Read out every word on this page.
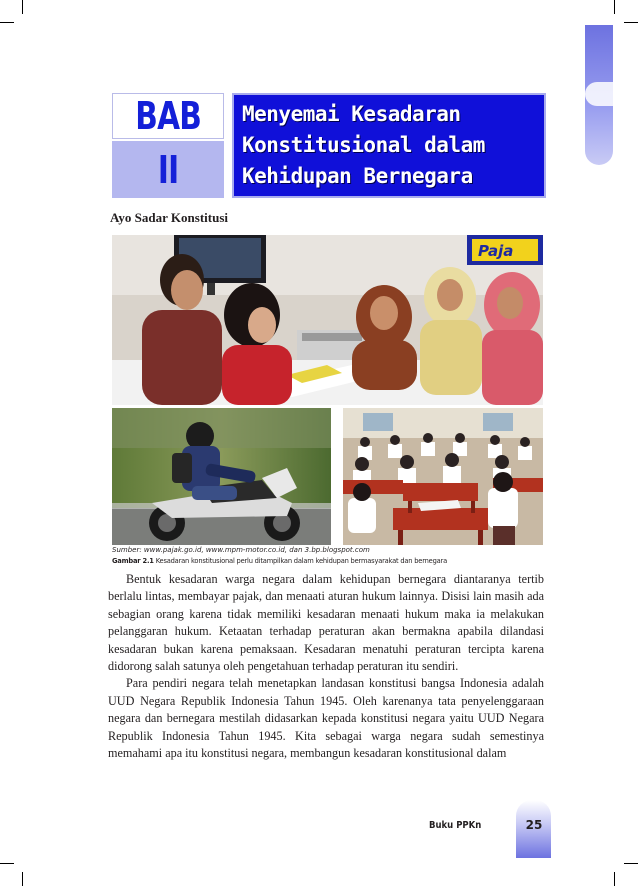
BAB
II
Menyemai Kesadaran
Konstitusional dalam
Kehidupan Bernegara
Ayo Sadar Konstitusi
Paja
Sumber: www.pajak.go.id, www.mpm-motor.co.id, dan 3.bp.blogspot.com
Gambar 2.1 Kesadaran konstitusional perlu ditampilkan dalam kehidupan bermasyarakat dan bernegara

Bentuk kesadaran warga negara dalam kehidupan bernegara diantaranya tertib berlalu lintas, membayar pajak, dan menaati aturan hukum lainnya. Disisi lain masih ada sebagian orang karena tidak memiliki kesadaran menaati hukum maka ia melakukan pelanggaran hukum. Ketaatan terhadap peraturan akan bermakna apabila dilandasi kesadaran bukan karena pemaksaan. Kesadaran menatuhi peraturan tercipta karena didorong salah satunya oleh pengetahuan terhadap peraturan itu sendiri.

Para pendiri negara telah menetapkan landasan konstitusi bangsa Indonesia adalah UUD Negara Republik Indonesia Tahun 1945. Oleh karenanya tata penyelenggaraan negara dan bernegara mestilah didasarkan kepada konstitusi negara yaitu UUD Negara Republik Indonesia Tahun 1945. Kita sebagai warga negara sudah semestinya memahami apa itu konstitusi negara, membangun kesadaran konstitusional dalam

Buku PPKn	25
